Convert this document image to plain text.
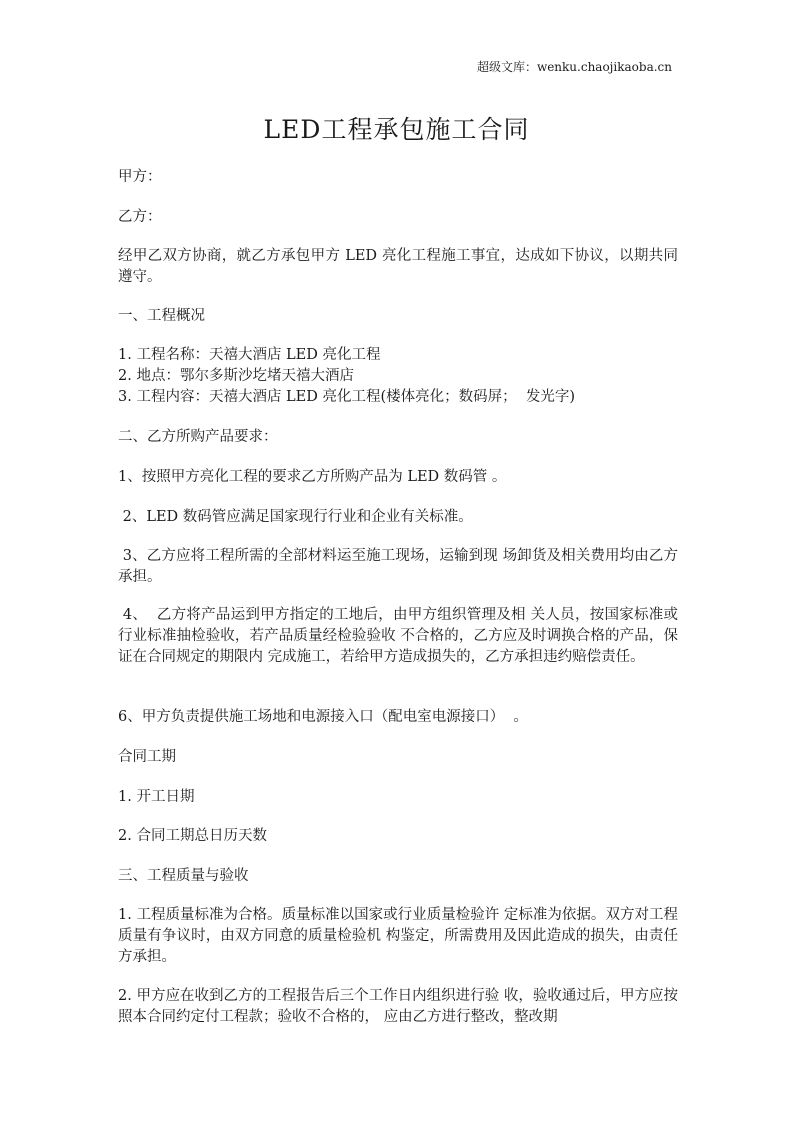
超级文库：wenku.chaojikaoba.cn
LED工程承包施工合同

甲方：

乙方：

经甲乙双方协商，就乙方承包甲方 LED 亮化工程施工事宜，达成如下协议，以期共同遵守。

一、工程概况

1. 工程名称：天禧大酒店 LED 亮化工程

2. 地点：鄂尔多斯沙圪堵天禧大酒店

3. 工程内容：天禧大酒店 LED 亮化工程(楼体亮化；数码屏；  发光字)

二、乙方所购产品要求：

1、按照甲方亮化工程的要求乙方所购产品为 LED 数码管 。

2、LED 数码管应满足国家现行行业和企业有关标准。

3、乙方应将工程所需的全部材料运至施工现场，运输到现 场卸货及相关费用均由乙方承担。

4、  乙方将产品运到甲方指定的工地后，由甲方组织管理及相 关人员，按国家标准或行业标准抽检验收，若产品质量经检验验收 不合格的，乙方应及时调换合格的产品，保证在合同规定的期限内 完成施工，若给甲方造成损失的，乙方承担违约赔偿责任。

6、甲方负责提供施工场地和电源接入口（配电室电源接口）  。

合同工期

1. 开工日期

2. 合同工期总日历天数

三、工程质量与验收

1. 工程质量标准为合格。质量标准以国家或行业质量检验许 定标准为依据。双方对工程质量有争议时，由双方同意的质量检验机 构鉴定，所需费用及因此造成的损失，由责任方承担。

2. 甲方应在收到乙方的工程报告后三个工作日内组织进行验 收，验收通过后，甲方应按照本合同约定付工程款；验收不合格的， 应由乙方进行整改，整改期
